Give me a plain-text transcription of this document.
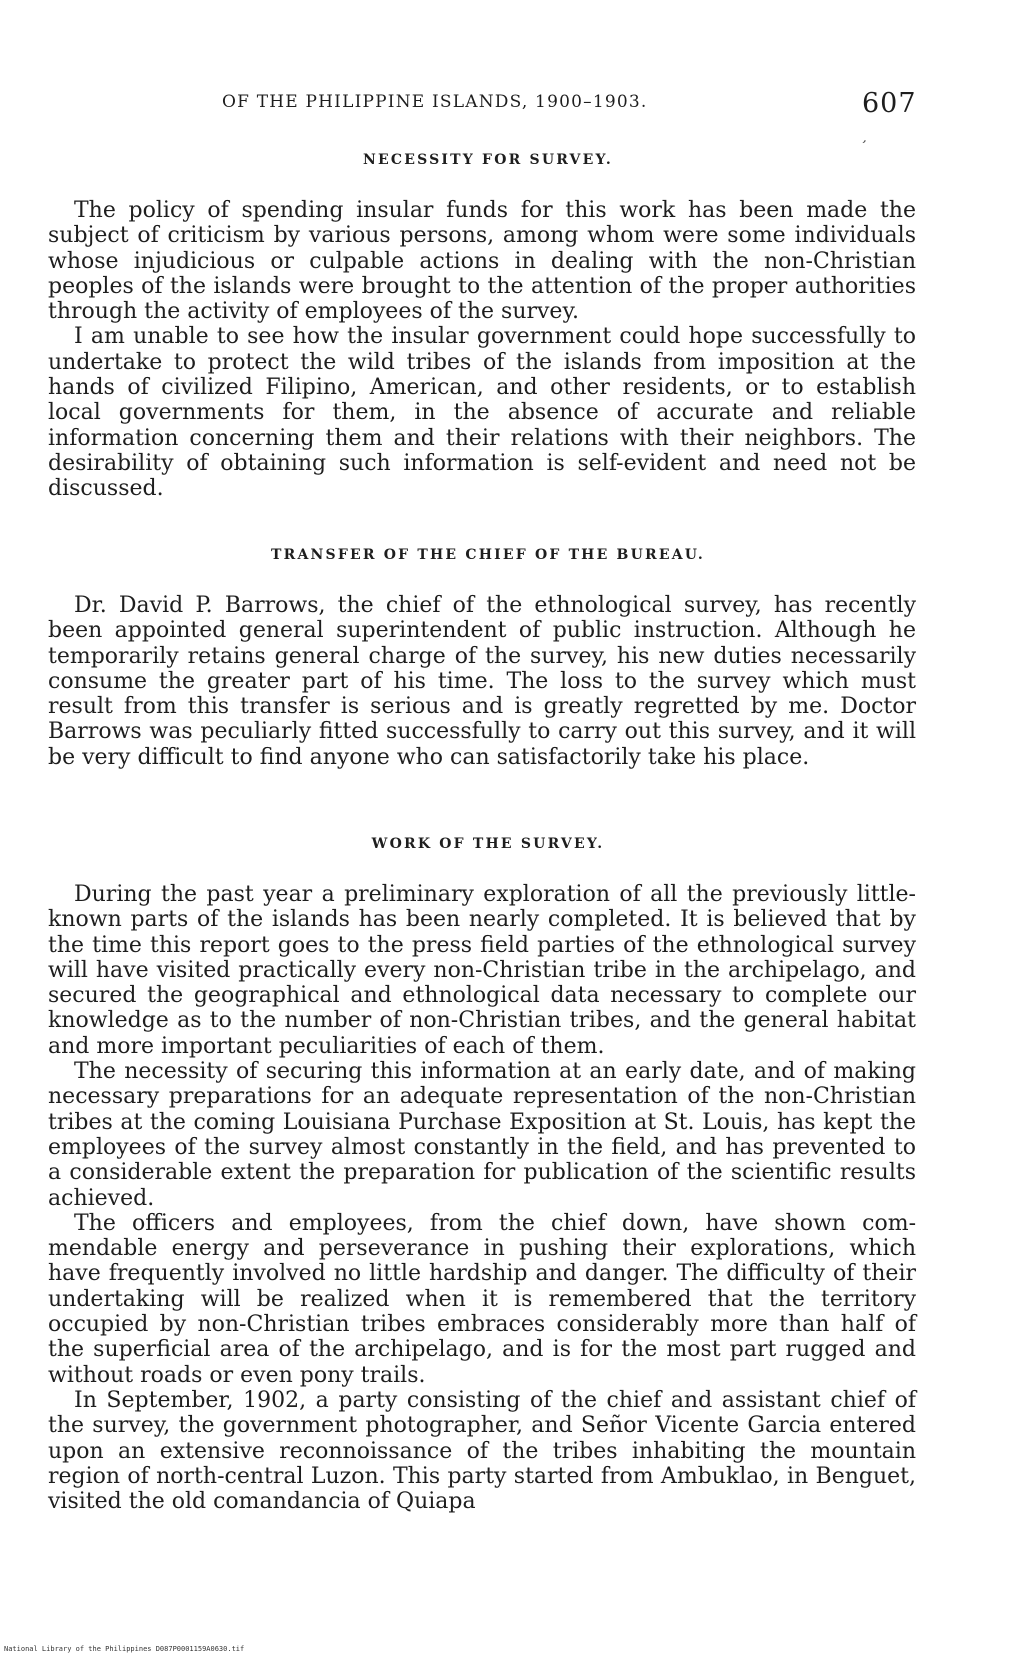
OF THE PHILIPPINE ISLANDS, 1900–1903.	607
ʼ
NECESSITY FOR SURVEY.

The policy of spending insular funds for this work has been made the subject of criticism by various persons, among whom were some individuals whose injudicious or culpable actions in dealing with the non-Christian peoples of the islands were brought to the attention of the proper authorities through the activity of employees of the survey.

I am unable to see how the insular government could hope successfully to undertake to protect the wild tribes of the islands from imposition at the hands of civilized Filipino, American, and other residents, or to establish local governments for them, in the absence of accurate and reliable information concerning them and their relations with their neighbors. The desirability of obtaining such information is self-evident and need not be discussed.

TRANSFER OF THE CHIEF OF THE BUREAU.

Dr. David P. Barrows, the chief of the ethnological survey, has recently been appointed general superintendent of public instruction. Although he temporarily retains general charge of the survey, his new duties necessarily consume the greater part of his time. The loss to the survey which must result from this transfer is serious and is greatly regretted by me. Doctor Barrows was peculiarly fitted successfully to carry out this survey, and it will be very difficult to find anyone who can satisfactorily take his place.

WORK OF THE SURVEY.

During the past year a preliminary exploration of all the previously little-known parts of the islands has been nearly completed. It is believed that by the time this report goes to the press field parties of the ethnological survey will have visited practically every non-Christian tribe in the archipelago, and secured the geographical and ethnological data necessary to complete our knowledge as to the number of non-Christian tribes, and the general habitat and more important peculiarities of each of them.

The necessity of securing this information at an early date, and of making necessary preparations for an adequate representation of the non-Christian tribes at the coming Louisiana Purchase Exposition at St. Louis, has kept the employees of the survey almost constantly in the field, and has prevented to a considerable extent the preparation for publication of the scientific results achieved.

The officers and employees, from the chief down, have shown commendable energy and perseverance in pushing their explorations, which have frequently involved no little hardship and danger. The difficulty of their undertaking will be realized when it is remembered that the territory occupied by non-Christian tribes embraces considerably more than half of the superficial area of the archipelago, and is for the most part rugged and without roads or even pony trails.

In September, 1902, a party consisting of the chief and assistant chief of the survey, the government photographer, and Señor Vicente Garcia entered upon an extensive reconnoissance of the tribes inhabiting the mountain region of north-central Luzon. This party started from Ambuklao, in Benguet, visited the old comandancia of Quiapa

National Library of the Philippines D087P0001159A0630.tif
